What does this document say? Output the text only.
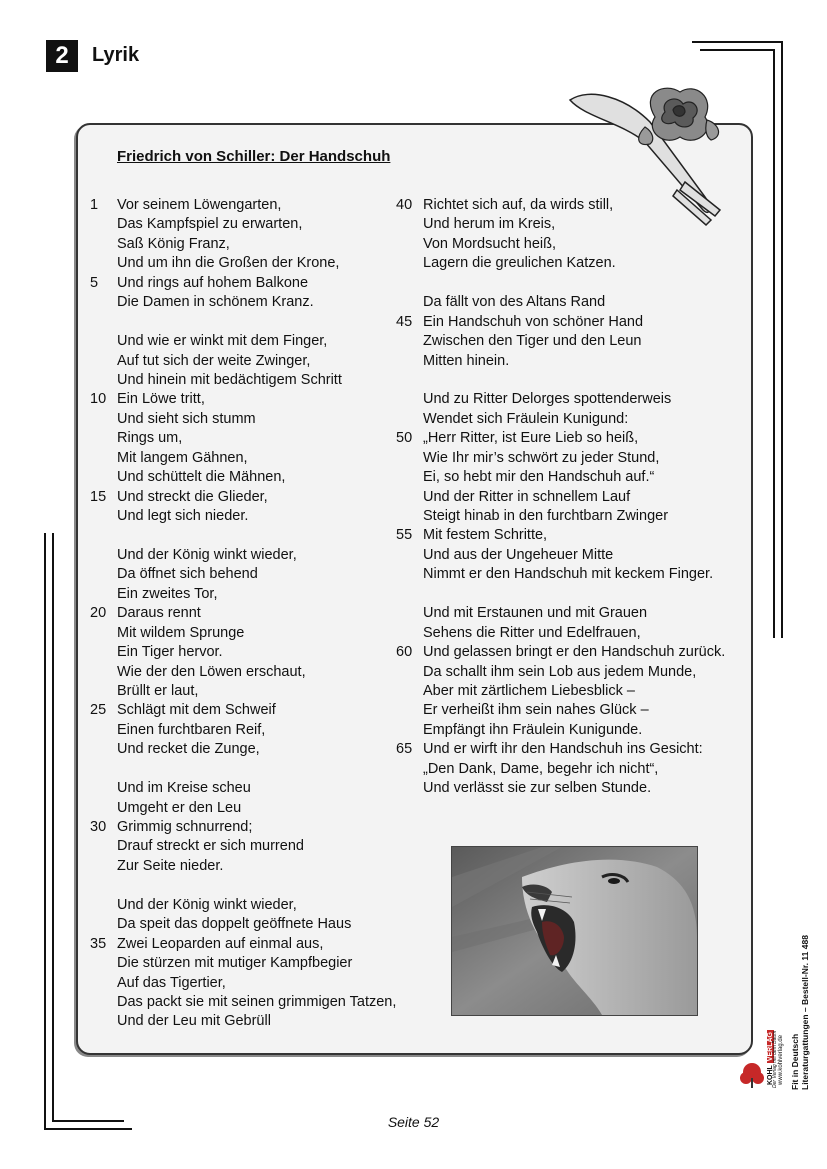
2	Lyrik
Friedrich von Schiller: Der Handschuh
1	Vor seinem Löwengarten,
Das Kampfspiel zu erwarten,
Saß König Franz,
Und um ihn die Großen der Krone,
5	Und rings auf hohem Balkone
Die Damen in schönem Kranz.
Und wie er winkt mit dem Finger,
Auf tut sich der weite Zwinger,
Und hinein mit bedächtigem Schritt
10 Ein Löwe tritt,
Und sieht sich stumm
Rings um,
Mit langem Gähnen,
Und schüttelt die Mähnen,
15 Und streckt die Glieder,
Und legt sich nieder.
Und der König winkt wieder,
Da öffnet sich behend
Ein zweites Tor,
20 Daraus rennt
Mit wildem Sprunge
Ein Tiger hervor.
Wie der den Löwen erschaut,
Brüllt er laut,
25 Schlägt mit dem Schweif
Einen furchtbaren Reif,
Und recket die Zunge,
Und im Kreise scheu
Umgeht er den Leu
30 Grimmig schnurrend;
Drauf streckt er sich murrend
Zur Seite nieder.
Und der König winkt wieder,
Da speit das doppelt geöffnete Haus
35 Zwei Leoparden auf einmal aus,
Die stürzen mit mutiger Kampfbegier
Auf das Tigertier,
Das packt sie mit seinen grimmigen Tatzen,
Und der Leu mit Gebrüll
40 Richtet sich auf, da wirds still,
Und herum im Kreis,
Von Mordsucht heiß,
Lagern die greulichen Katzen.
Da fällt von des Altans Rand
45 Ein Handschuh von schöner Hand
Zwischen den Tiger und den Leun
Mitten hinein.
Und zu Ritter Delorges spottenderweis
Wendet sich Fräulein Kunigund:
50 „Herr Ritter, ist Eure Lieb so heiß,
Wie Ihr mir’s schwört zu jeder Stund,
Ei, so hebt mir den Handschuh auf.“
Und der Ritter in schnellem Lauf
Steigt hinab in den furchtbarn Zwinger
55 Mit festem Schritte,
Und aus der Ungeheuer Mitte
Nimmt er den Handschuh mit keckem Finger.
Und mit Erstaunen und mit Grauen
Sehens die Ritter und Edelfrauen,
60 Und gelassen bringt er den Handschuh zurück.
Da schallt ihm sein Lob aus jedem Munde,
Aber mit zärtlichem Liebesblick –
Er verheißt ihm sein nahes Glück –
Empfängt ihn Fräulein Kunigunde.
65 Und er wirft ihr den Handschuh ins Gesicht:
„Den Dank, Dame, begehr ich nicht“,
Und verlässt sie zur selben Stunde.
Fit in Deutsch Literaturgattungen – Bestell-Nr. 11 488
KOHL VERLAG www.kohlverlag.de
Der Verlag mit dem Baum
Seite 52
